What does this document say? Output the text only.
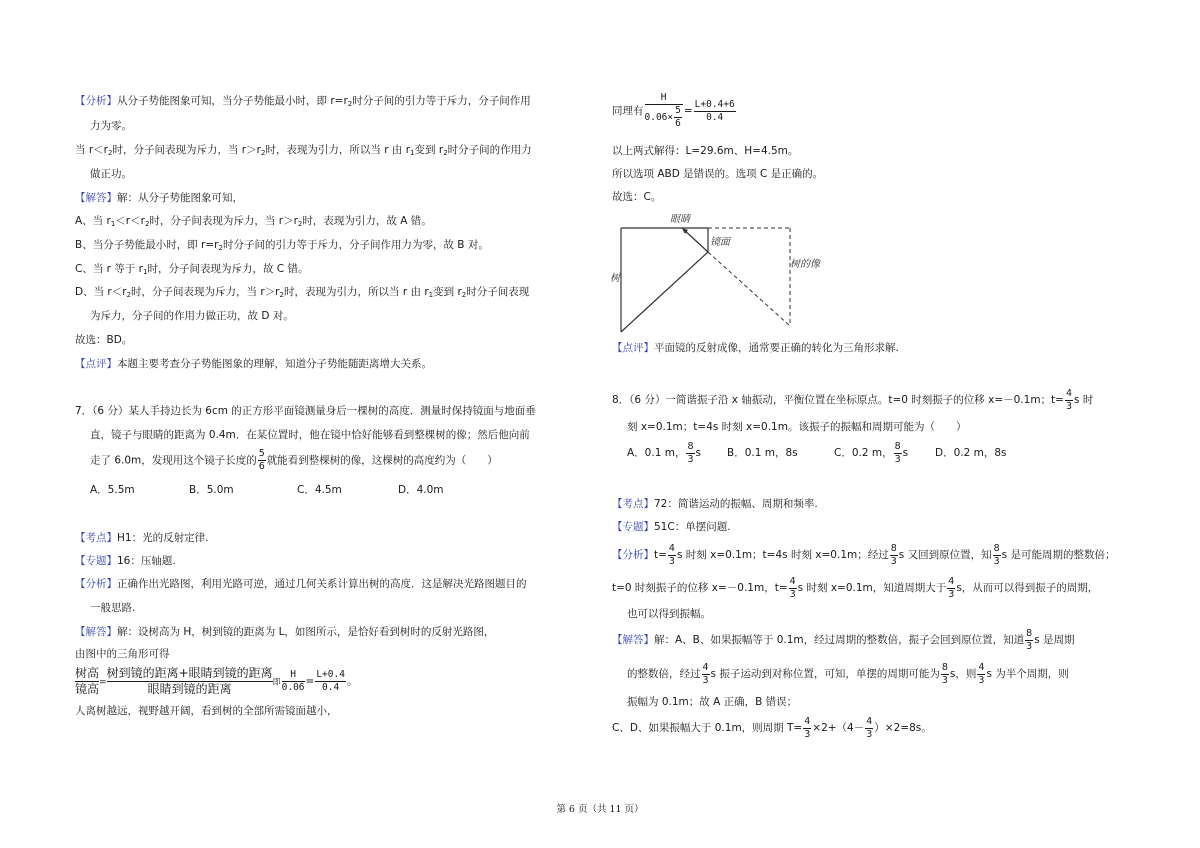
【分析】从分子势能图象可知，当分子势能最小时，即 $r=r_2$时分子间的引力等于斥力，分子间作用
力为零。
当 $r<r_2$时，分子间表现为斥力，当 $r>r_2$时，表现为引力，所以当 r 由 $r_1$变到 $r_2$时分子间的作用力
做正功。
【解答】解：从分子势能图象可知，
A、当 $r_1<r<r_2$时，分子间表现为斥力，当 $r>r_2$时，表现为引力，故 A 错。
B、当分子势能最小时，即 $r=r_2$时分子间的引力等于斥力，分子间作用力为零，故 B 对。
C、当 r 等于 $r_1$时，分子间表现为斥力，故 C 错。
D、当 $r<r_2$时，分子间表现为斥力，当 $r>r_2$时，表现为引力，所以当 r 由 $r_1$变到 $r_2$时分子间表现
为斥力，分子间的作用力做正功，故 D 对。
故选：BD。
【点评】本题主要考查分子势能图象的理解，知道分子势能随距离增大关系。
7．（6 分）某人手持边长为 6cm 的正方形平面镜测量身后一棵树的高度．测量时保持镜面与地面垂
直，镜子与眼睛的距离为 0.4m．在某位置时，他在镜中恰好能够看到整棵树的像；然后他向前
走了 6.0m，发现用这个镜子长度的 $\frac{5}{6}$ 就能看到整棵树的像，这棵树的高度约为（　　）
A．5.5m	B．5.0m	C．4.5m	D．4.0m
【考点】H1：光的反射定律.
【专题】16：压轴题.
【分析】正确作出光路图，利用光路可逆，通过几何关系计算出树的高度．这是解决光路图题目的
一般思路.
【解答】解：设树高为 H，树到镜的距离为 L，如图所示，是恰好看到树时的反射光路图，
由图中的三角形可得
$\frac{\text{树高}}{\text{镜高}} = \frac{\text{树到镜的距离+眼睛到镜的距离}}{\text{眼睛到镜的距离}}$ 即 $\frac{H}{0.06} = \frac{L+0.4}{0.4}$ 。
人离树越远，视野越开阔，看到树的全部所需镜面越小，
同理有 $\frac{H}{0.06\times \frac{5}{6}} = \frac{L+0.4+6}{0.4}$
以上两式解得：L=29.6m、H=4.5m。
所以选项 ABD 是错误的。选项 C 是正确的。
故选：C。
眼睛
镜面
树
树的像
【点评】平面镜的反射成像，通常要正确的转化为三角形求解.
8．（6 分）一简谐振子沿 x 轴振动，平衡位置在坐标原点。t=0 时刻振子的位移 x=－0.1m；$t= \frac{4}{3}$ s 时
刻 x=0.1m；t=4s 时刻 x=0.1m。该振子的振幅和周期可能为（　　）
A．0.1 m， $\frac{8}{3}$ s B．0.1 m，8s	C．0.2 m， $\frac{8}{3}$ s	D．0.2 m，8s
【考点】72：简谐运动的振幅、周期和频率.
【专题】51C：单摆问题.
【分析】$t= \frac{4}{3}$ s 时刻 x=0.1m；t=4s 时刻 x=0.1m；经过 $\frac{8}{3}$ s 又回到原位置，知 $\frac{8}{3}$ s 是可能周期的整数倍；
t=0 时刻振子的位移 x=－0.1m，$t= \frac{4}{3}$ s 时刻 x=0.1m，知道周期大于 $\frac{4}{3}$ s，从而可以得到振子的周期，
也可以得到振幅。
【解答】解：A、B、如果振幅等于 0.1m，经过周期的整数倍，振子会回到原位置，知道 $\frac{8}{3}$ s 是周期
的整数倍，经过 $\frac{4}{3}$ s 振子运动到对称位置，可知，单摆的周期可能为 $\frac{8}{3}$ s，则 $\frac{4}{3}$ s 为半个周期，则
振幅为 0.1m；故 A 正确，B 错误；
C、D、如果振幅大于 0.1m，则周期 $T= \frac{4}{3} \times 2+(4- \frac{4}{3} )\times 2=8s$。
第 6 页（共 11 页）
